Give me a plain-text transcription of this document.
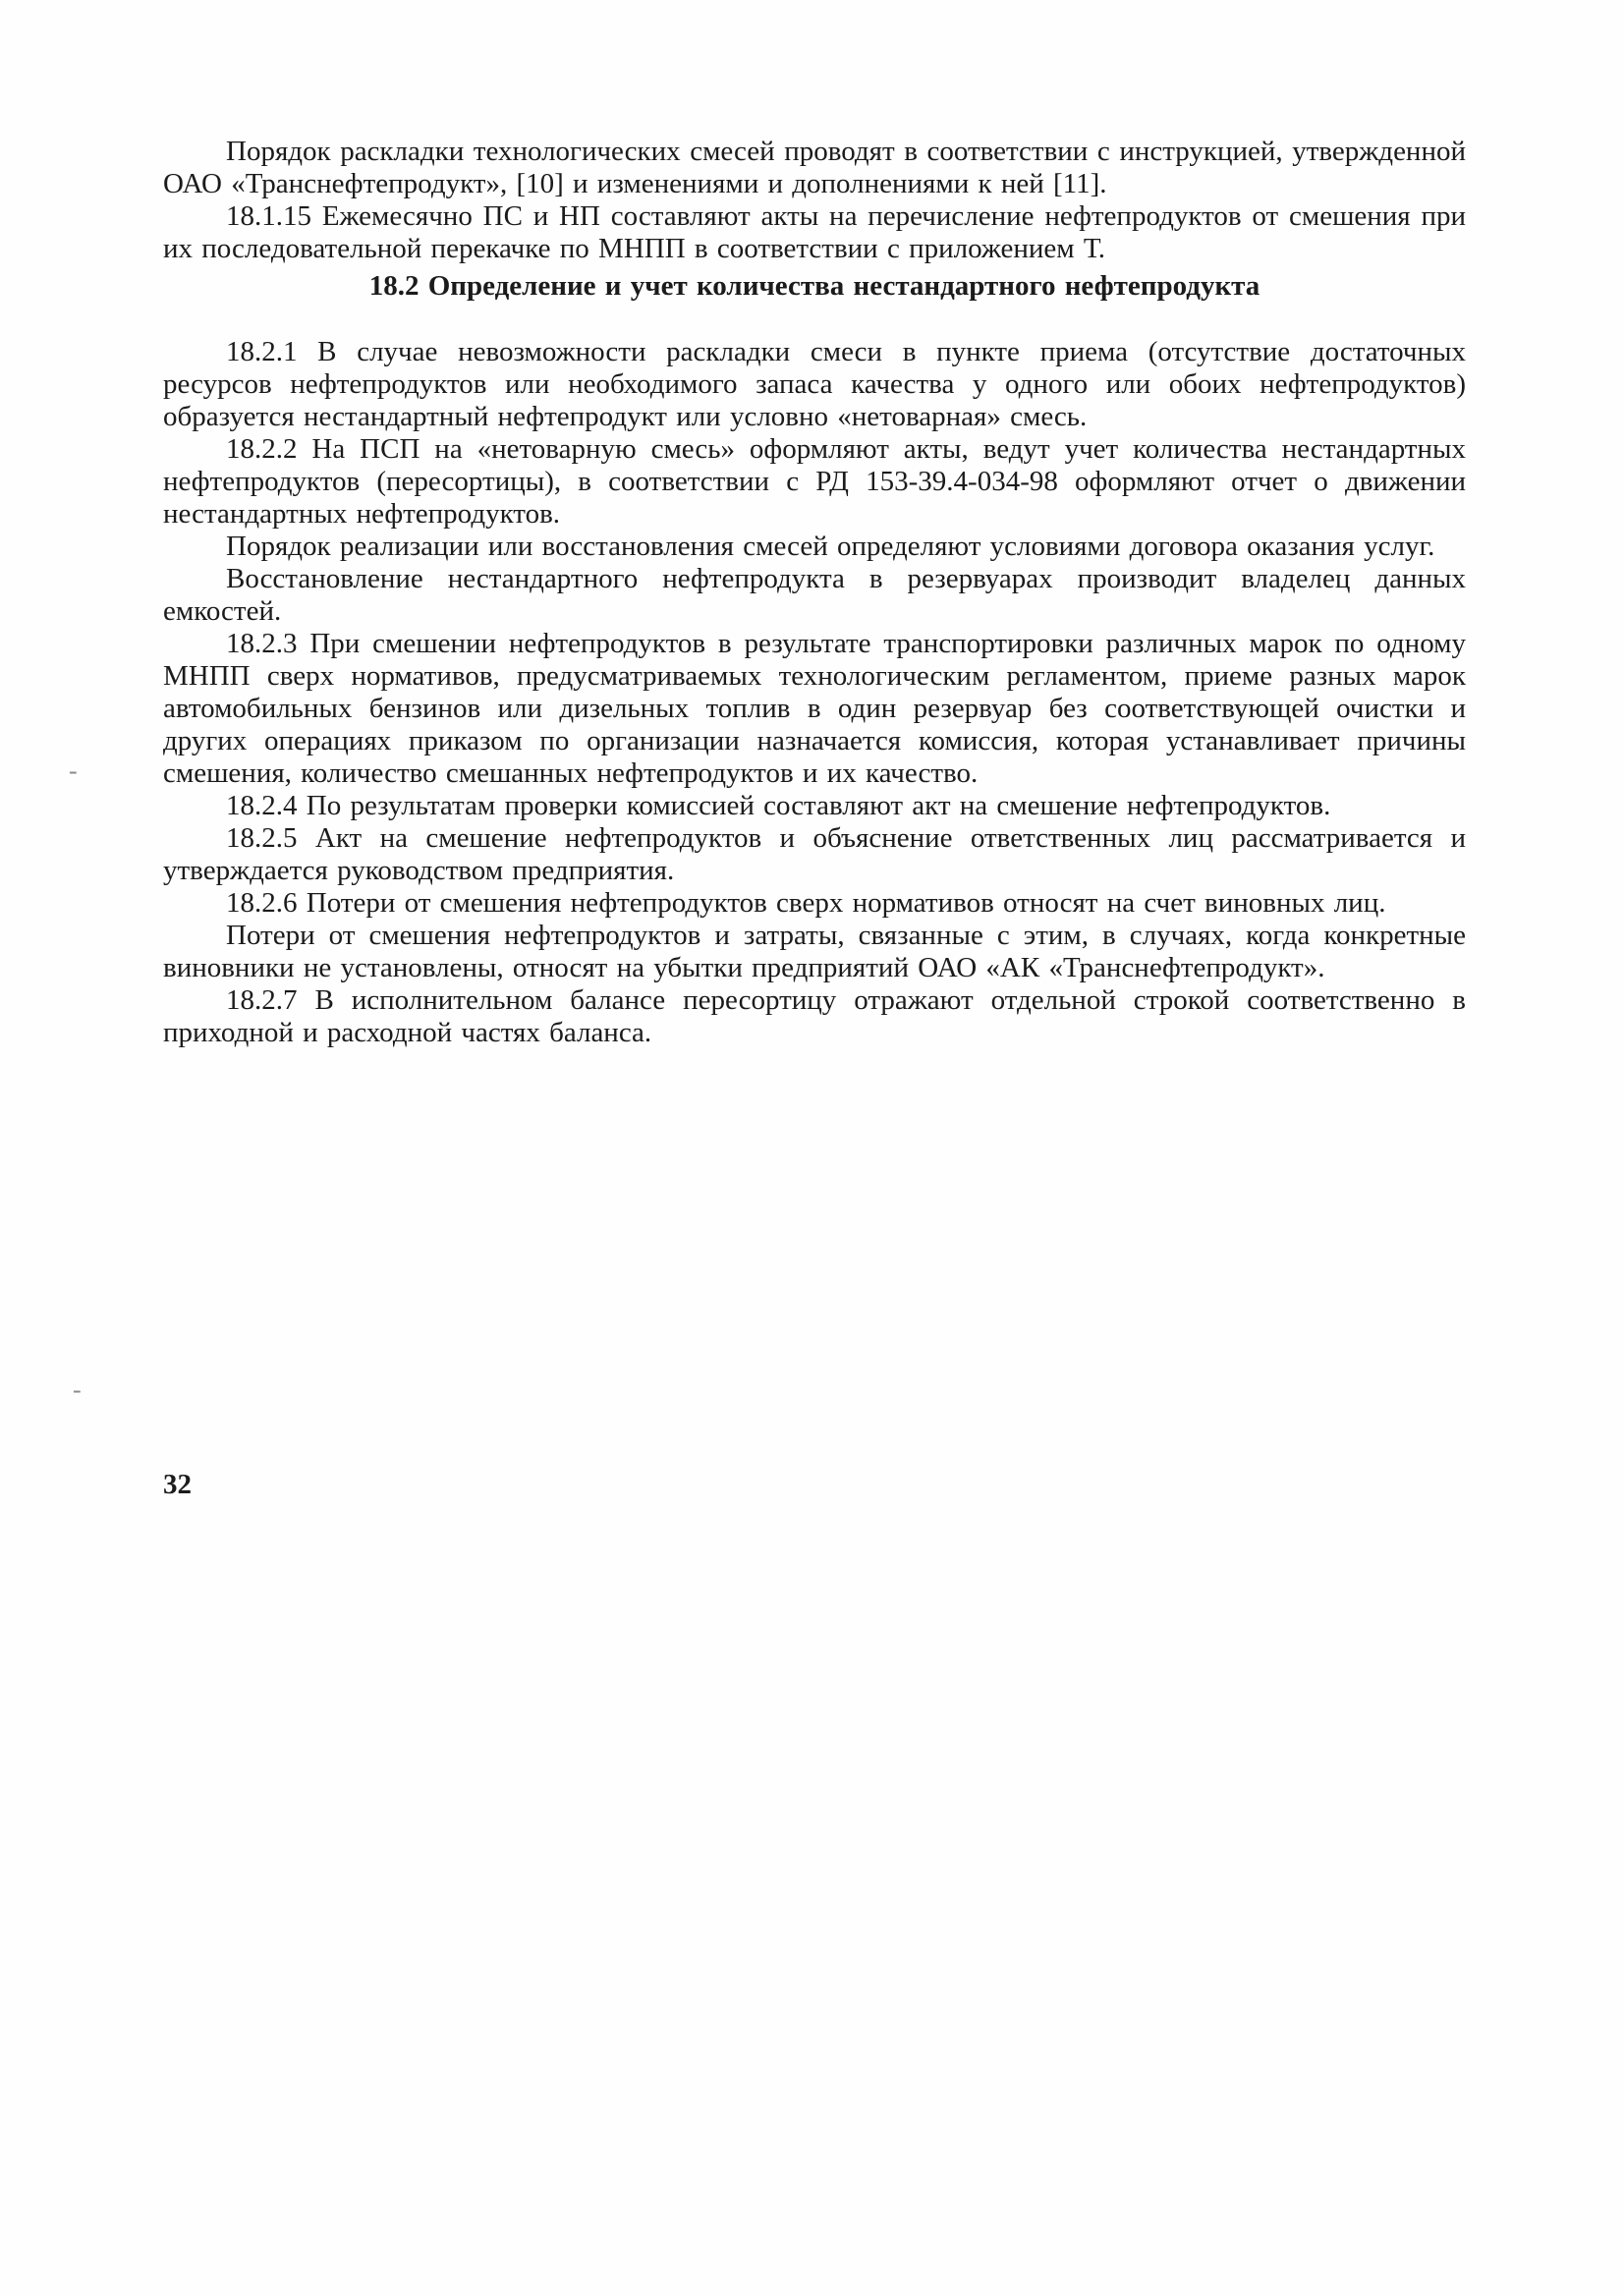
Порядок раскладки технологических смесей проводят в соответствии с инструкцией, утвержденной ОАО «Транснефтепродукт», [10] и изменениями и дополнениями к ней [11].

18.1.15 Ежемесячно ПС и НП составляют акты на перечисление нефтепродуктов от смешения при их последовательной перекачке по МНПП в соответствии с приложением Т.

18.2 Определение и учет количества нестандартного нефтепродукта

18.2.1 В случае невозможности раскладки смеси в пункте приема (отсутствие достаточных ресурсов нефтепродуктов или необходимого запаса качества у одного или обоих нефтепродуктов) образуется нестандартный нефтепродукт или условно «нетоварная» смесь.

18.2.2 На ПСП на «нетоварную смесь» оформляют акты, ведут учет количества нестандартных нефтепродуктов (пересортицы), в соответствии с РД 153-39.4-034-98 оформляют отчет о движении нестандартных нефтепродуктов.

Порядок реализации или восстановления смесей определяют условиями договора оказания услуг.

Восстановление нестандартного нефтепродукта в резервуарах производит владелец данных емкостей.

18.2.3 При смешении нефтепродуктов в результате транспортировки различных марок по одному МНПП сверх нормативов, предусматриваемых технологическим регламентом, приеме разных марок автомобильных бензинов или дизельных топлив в один резервуар без соответствующей очистки и других операциях приказом по организации назначается комиссия, которая устанавливает причины смешения, количество смешанных нефтепродуктов и их качество.

18.2.4 По результатам проверки комиссией составляют акт на смешение нефтепродуктов.

18.2.5 Акт на смешение нефтепродуктов и объяснение ответственных лиц рассматривается и утверждается руководством предприятия.

18.2.6 Потери от смешения нефтепродуктов сверх нормативов относят на счет виновных лиц.

Потери от смешения нефтепродуктов и затраты, связанные с этим, в случаях, когда конкретные виновники не установлены, относят на убытки предприятий ОАО «АК «Транснефтепродукт».

18.2.7 В исполнительном балансе пересортицу отражают отдельной строкой соответственно в приходной и расходной частях баланса.

-
-
32
